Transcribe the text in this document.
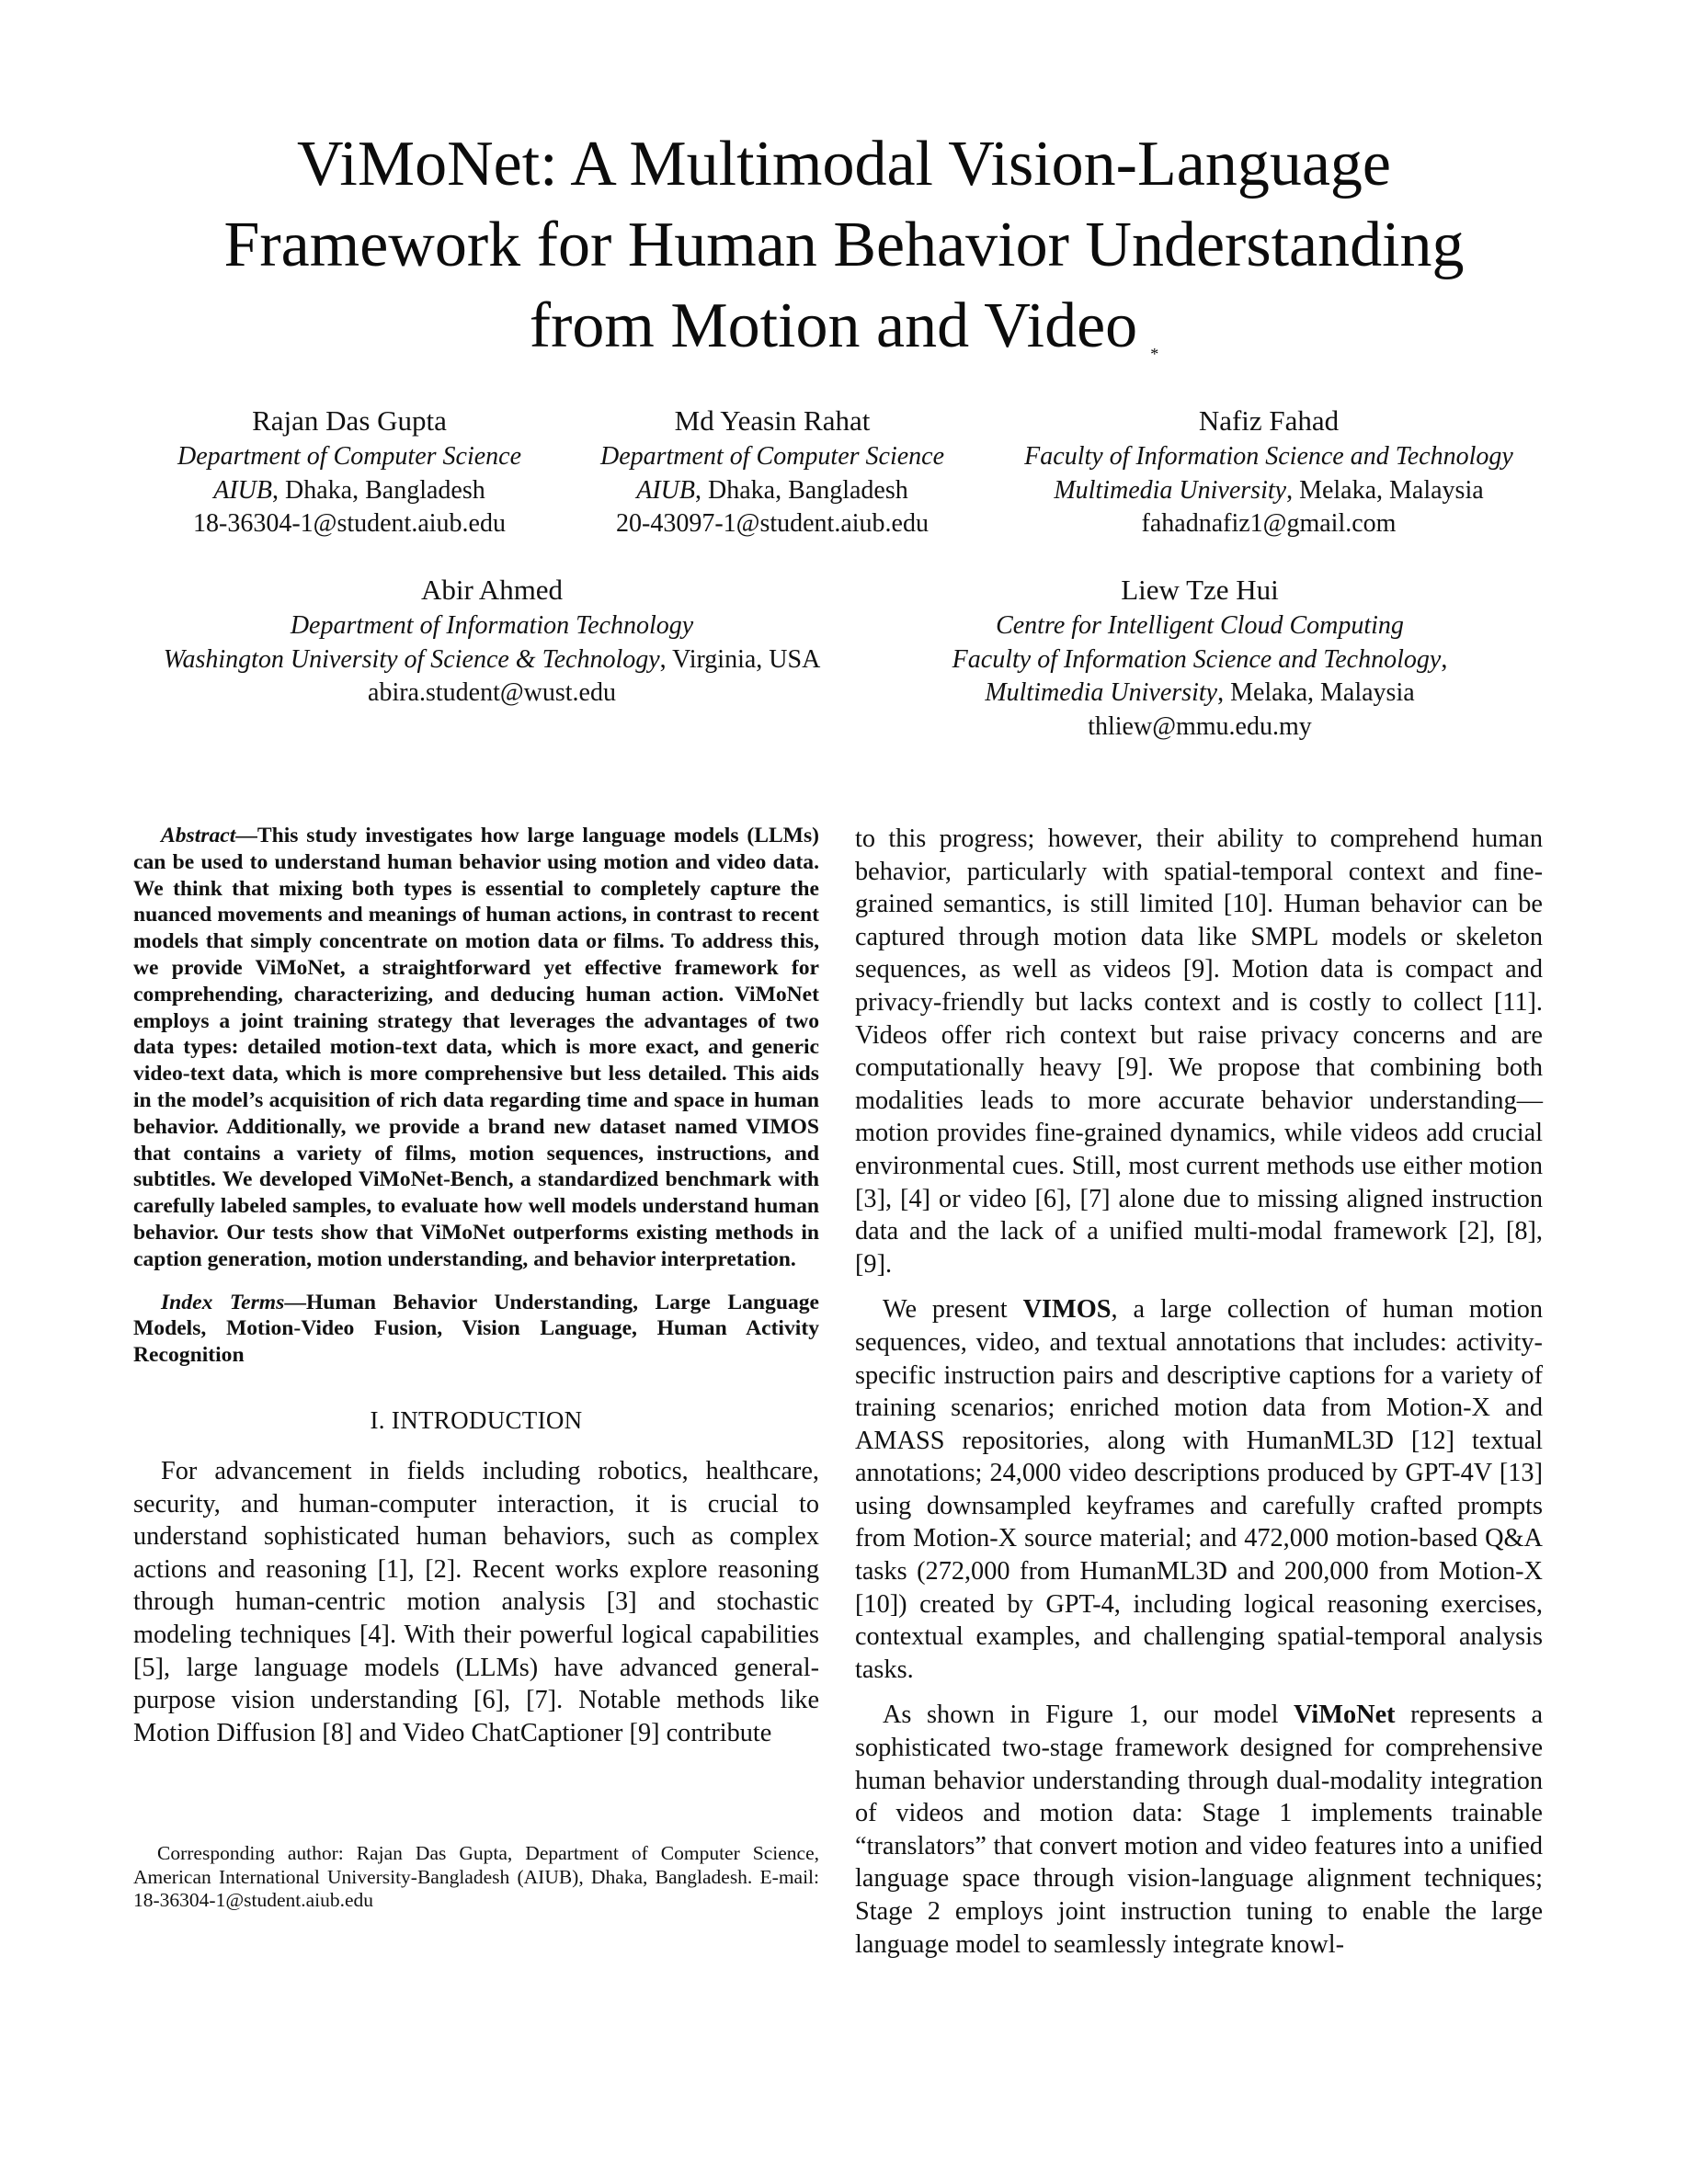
ViMoNet: A Multimodal Vision-Language
Framework for Human Behavior Understanding
from Motion and Video *
Rajan Das Gupta
Department of Computer Science
AIUB, Dhaka, Bangladesh
18-36304-1@student.aiub.edu
Md Yeasin Rahat
Department of Computer Science
AIUB, Dhaka, Bangladesh
20-43097-1@student.aiub.edu
Nafiz Fahad
Faculty of Information Science and Technology
Multimedia University, Melaka, Malaysia
fahadnafiz1@gmail.com
Abir Ahmed
Department of Information Technology
Washington University of Science & Technology, Virginia, USA
abira.student@wust.edu
Liew Tze Hui
Centre for Intelligent Cloud Computing
Faculty of Information Science and Technology,
Multimedia University, Melaka, Malaysia
thliew@mmu.edu.my

Abstract—This study investigates how large language models (LLMs) can be used to understand human behavior using motion and video data. We think that mixing both types is essential to completely capture the nuanced movements and meanings of human actions, in contrast to recent models that simply concentrate on motion data or films. To address this, we provide ViMoNet, a straightforward yet effective framework for comprehending, characterizing, and deducing human action. ViMoNet employs a joint training strategy that leverages the advantages of two data types: detailed motion-text data, which is more exact, and generic video-text data, which is more comprehensive but less detailed. This aids in the model’s acquisition of rich data regarding time and space in human behavior. Additionally, we provide a brand new dataset named VIMOS that contains a variety of films, motion sequences, instructions, and subtitles. We developed ViMoNet-Bench, a standardized benchmark with carefully labeled samples, to evaluate how well models understand human behavior. Our tests show that ViMoNet outperforms existing methods in caption generation, motion understanding, and behavior interpretation.

Index Terms—Human Behavior Understanding, Large Language Models, Motion-Video Fusion, Vision Language, Human Activity Recognition

I. INTRODUCTION

For advancement in fields including robotics, healthcare, security, and human-computer interaction, it is crucial to understand sophisticated human behaviors, such as complex actions and reasoning [1], [2]. Recent works explore reasoning through human-centric motion analysis [3] and stochastic modeling techniques [4]. With their powerful logical capabilities [5], large language models (LLMs) have advanced general-purpose vision understanding [6], [7]. Notable methods like Motion Diffusion [8] and Video ChatCaptioner [9] contribute

to this progress; however, their ability to comprehend human behavior, particularly with spatial-temporal context and fine-grained semantics, is still limited [10]. Human behavior can be captured through motion data like SMPL models or skeleton sequences, as well as videos [9]. Motion data is compact and privacy-friendly but lacks context and is costly to collect [11]. Videos offer rich context but raise privacy concerns and are computationally heavy [9]. We propose that combining both modalities leads to more accurate behavior understanding—motion provides fine-grained dynamics, while videos add crucial environmental cues. Still, most current methods use either motion [3], [4] or video [6], [7] alone due to missing aligned instruction data and the lack of a unified multi-modal framework [2], [8], [9].

We present VIMOS, a large collection of human motion sequences, video, and textual annotations that includes: activity-specific instruction pairs and descriptive captions for a variety of training scenarios; enriched motion data from Motion-X and AMASS repositories, along with HumanML3D [12] textual annotations; 24,000 video descriptions produced by GPT-4V [13] using downsampled keyframes and carefully crafted prompts from Motion-X source material; and 472,000 motion-based Q&A tasks (272,000 from HumanML3D and 200,000 from Motion-X [10]) created by GPT-4, including logical reasoning exercises, contextual examples, and challenging spatial-temporal analysis tasks.

As shown in Figure 1, our model ViMoNet represents a sophisticated two-stage framework designed for comprehensive human behavior understanding through dual-modality integration of videos and motion data: Stage 1 implements trainable “translators” that convert motion and video features into a unified language space through vision-language alignment techniques; Stage 2 employs joint instruction tuning to enable the large language model to seamlessly integrate knowl-

Corresponding author: Rajan Das Gupta, Department of Computer Science, American International University-Bangladesh (AIUB), Dhaka, Bangladesh. E-mail: 18-36304-1@student.aiub.edu
